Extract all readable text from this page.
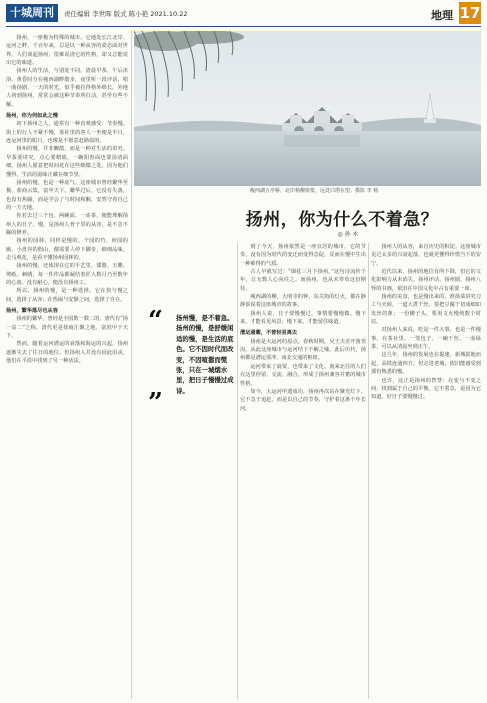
十城周刊	责任编辑 李世晖 版式 陈小艳 2021.10.22	地理 17

扬州，一座极为特殊的城市。它地处长江北岸、运河之畔，千百年来，总是以一种从容的姿态面对世界。人们谈起扬州，很难说清它的性格，却又总能说出它的味道。

扬州人的生活，与别处不同。清晨早茶，午后沐浴，黄昏时分在瘦西湖畔散步，夜里听一段评话、唱一曲扬剧。一天的时光，似乎被拉得格外绵长。外地人初到扬州，常常会被这种节奏所打动，甚至有些不解。

扬州，你为何如此之慢

初下扬州之人，通常有一种直观感受：节奏慢。街上的行人不紧不慢，茶社里的客人一坐便是半日，连运河里的船只，也像是不愿意赶路似的。

扬州的慢，并非懒散，而是一种对生活的讲究。早茶要讲究，点心要精致，一碗阳春面也要汤清面细。扬州人愿意把时间花在这些细微之处，因为他们懂得，生活的滋味正藏在细节里。

扬州的慢，也是一种底气。这座城市曾经繁华至极，盐商云集，富甲天下。繁华过后，它没有失落，也没有焦躁，而是学会了与时间和解，安然守着自己的一方天地。

你若去过三个包、两碗面、一壶茶，便能理解扬州人的日子。慢，是扬州人骨子里的从容，是不急不躁的修养。

扬州的园林，同样是慢的。个园的竹，何园的廊，小盘谷的假山，都需要人停下脚步，细细品味。走马观花，是看不懂扬州园林的。

扬州的慢，还体现在它的手艺里。漆器、玉雕、剪纸、刺绣，每一件作品都凝结着匠人数月乃至数年的心血。没有耐心，便没有扬州工。

所以，扬州的慢，是一种选择。它在快与慢之间，选择了从容；在热闹与安静之间，选择了自在。

扬州，繁华落尽也从容

扬州的繁华，曾经是全国数一数二的。唐代有“扬一益二”之称，清代更是盐商汇聚之地，富庶甲于天下。

然而，随着运河漕运的衰落和海运的兴起，扬州逐渐失去了往日的地位。但扬州人并没有因此沮丧，他们在平淡中找到了另一种活法。

瘦西湖五亭桥，北岸杨柳依依，远处白塔在望。摄影 李 杨
扬州，你为什么不着急？
◎ 孙 永
“ 扬州慢，是不着急。扬州的慢，是舒缓闲适的慢，是生活的底色。它不因时代而改变，不因喧嚣而慌张，只在一城烟水里，把日子慢慢过成诗。
”

到了今天，扬州依然是一座宜居的城市。它的节奏，没有因为时代的变迁而变得急促，反而在慢中生出一种难得的气质。

古人早就写过：“烟花三月下扬州。”这句诗流传千年，让无数人心向往之。而扬州，也从未辜负这份期待。

瘦西湖的柳，大明寺的钟，东关街的灯火，都在静静诉说着这座城市的故事。

扬州人说，日子要慢慢过，事情要慢慢做。慢下来，才能看见风景；慢下来，才能留住味道。

漕运通衢，不曾轻易离去

扬州是大运河的原点。春秋时期，吴王夫差开凿邗沟，从此这座城市与运河结下不解之缘。此后历代，扬州都是漕运要冲、南北交通的枢纽。

运河带来了商贾，也带来了文化。南来北往的人们在这里停留、交流、融合，形成了扬州兼容并蓄的城市性格。

如今，大运河申遗成功，扬州再次站在聚光灯下。它不急于追赶，而是以自己的节奏，守护着这条千年长河。

扬州人的从容，来自历史的积淀。这座城市见过太多的兴衰起落，也就更懂得珍惜当下的安宁。

近代以来，扬州的地位有所下降，但它的文化影响力从未消失。扬州评话、扬州剧、扬州八怪的书画，依旧在中国文化中占有重要一席。

扬州的美食，也是慢出来的。淮扬菜讲究刀工与火候，一道大煮干丝，要把豆腐干切成细如发丝的条；一份狮子头，要用文火慢炖数个时辰。

对扬州人来说，吃是一件大事，也是一件慢事。在茶社里，一笼包子、一碗干丝、一壶绿茶，可以从清晨坐到正午。

这几年，扬州的发展也在提速。新城拔地而起，高铁连通四方。但走进老城，依旧能感受到那份熟悉的慢。

也许，这正是扬州的智慧：在变与不变之间，找到属于自己的平衡。它不着急，是因为它知道，好日子要慢慢过。
